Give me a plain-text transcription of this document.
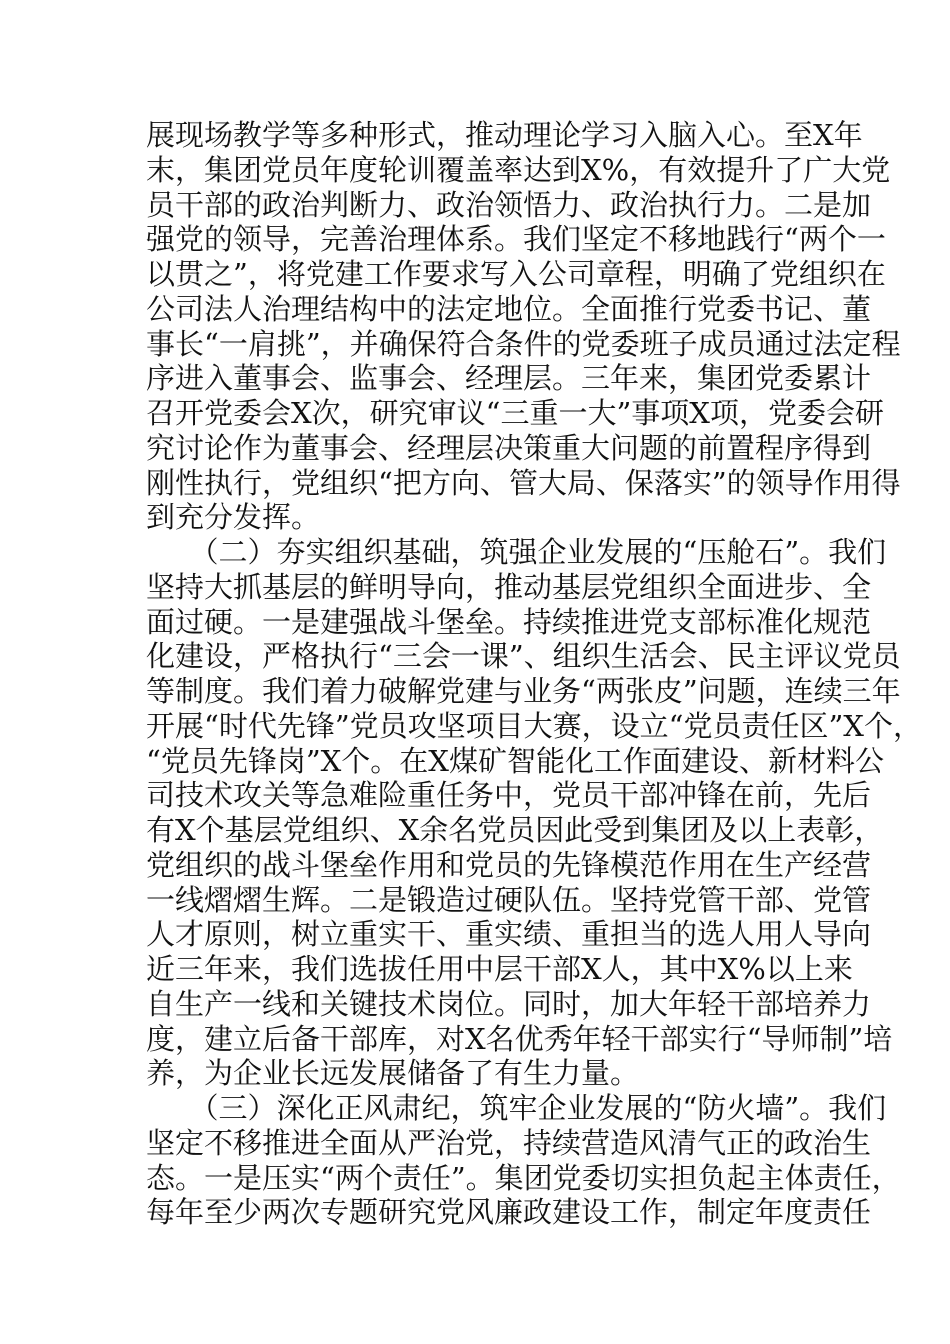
展现场教学等多种形式，推动理论学习入脑入心。至X年
末，集团党员年度轮训覆盖率达到X%，有效提升了广大党
员干部的政治判断力、政治领悟力、政治执行力。二是加
强党的领导，完善治理体系。我们坚定不移地践行“两个一
以贯之”，将党建工作要求写入公司章程，明确了党组织在
公司法人治理结构中的法定地位。全面推行党委书记、董
事长“一肩挑”，并确保符合条件的党委班子成员通过法定程
序进入董事会、监事会、经理层。三年来，集团党委累计
召开党委会X次，研究审议“三重一大”事项X项，党委会研
究讨论作为董事会、经理层决策重大问题的前置程序得到
刚性执行，党组织“把方向、管大局、保落实”的领导作用得
到充分发挥。
　　（二）夯实组织基础，筑强企业发展的“压舱石”。我们
坚持大抓基层的鲜明导向，推动基层党组织全面进步、全
面过硬。一是建强战斗堡垒。持续推进党支部标准化规范
化建设，严格执行“三会一课”、组织生活会、民主评议党员
等制度。我们着力破解党建与业务“两张皮”问题，连续三年
开展“时代先锋”党员攻坚项目大赛，设立“党员责任区”X个，
“党员先锋岗”X个。在X煤矿智能化工作面建设、新材料公
司技术攻关等急难险重任务中，党员干部冲锋在前，先后
有X个基层党组织、X余名党员因此受到集团及以上表彰，
党组织的战斗堡垒作用和党员的先锋模范作用在生产经营
一线熠熠生辉。二是锻造过硬队伍。坚持党管干部、党管
人才原则，树立重实干、重实绩、重担当的选人用人导向
近三年来，我们选拔任用中层干部X人，其中X%以上来
自生产一线和关键技术岗位。同时，加大年轻干部培养力
度，建立后备干部库，对X名优秀年轻干部实行“导师制”培
养，为企业长远发展储备了有生力量。
　　（三）深化正风肃纪，筑牢企业发展的“防火墙”。我们
坚定不移推进全面从严治党，持续营造风清气正的政治生
态。一是压实“两个责任”。集团党委切实担负起主体责任，
每年至少两次专题研究党风廉政建设工作，制定年度责任
